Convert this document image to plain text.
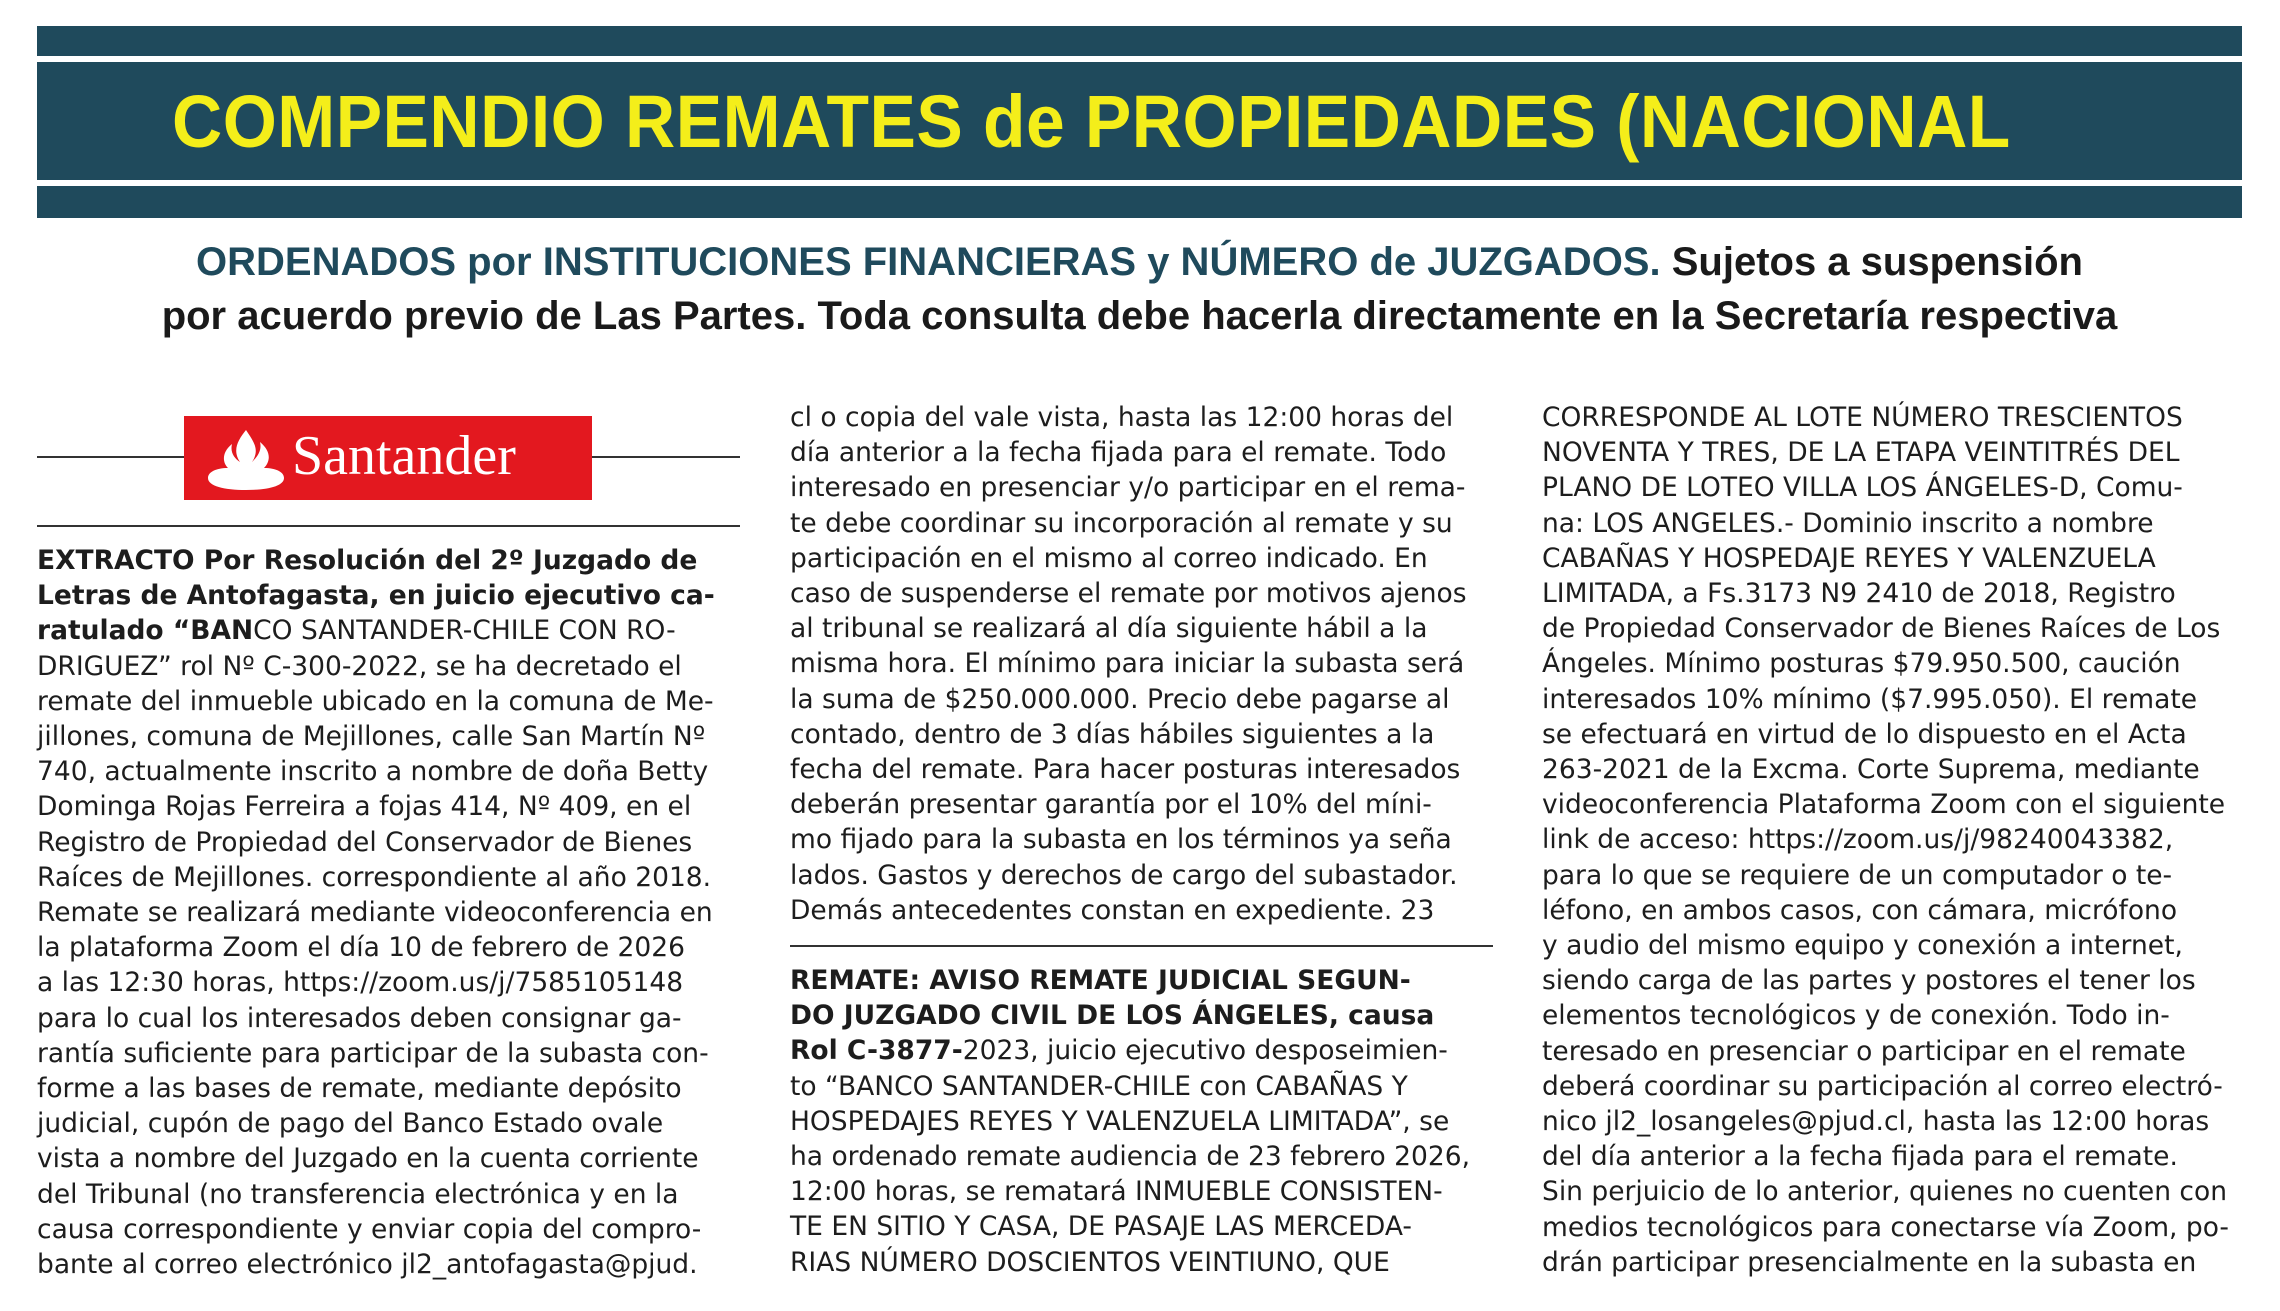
COMPENDIO REMATES de PROPIEDADES (NACIONAL
ORDENADOS por INSTITUCIONES FINANCIERAS y NÚMERO de JUZGADOS. Sujetos a suspensión
por acuerdo previo de Las Partes. Toda consulta debe hacerla directamente en la Secretaría respectiva
Santander
EXTRACTO Por Resolución del 2º Juzgado de
Letras de Antofagasta, en juicio ejecutivo ca-
ratulado “BANCO SANTANDER-CHILE CON RO-
DRIGUEZ” rol Nº C-300-2022, se ha decretado el
remate del inmueble ubicado en la comuna de Me-
jillones, comuna de Mejillones, calle San Martín Nº
740, actualmente inscrito a nombre de doña Betty
Dominga Rojas Ferreira a fojas 414, Nº 409, en el
Registro de Propiedad del Conservador de Bienes
Raíces de Mejillones. correspondiente al año 2018.
Remate se realizará mediante videoconferencia en
la plataforma Zoom el día 10 de febrero de 2026
a las 12:30 horas, https://zoom.us/j/7585105148
para lo cual los interesados deben consignar ga-
rantía suficiente para participar de la subasta con-
forme a las bases de remate, mediante depósito
judicial, cupón de pago del Banco Estado ovale
vista a nombre del Juzgado en la cuenta corriente
del Tribunal (no transferencia electrónica y en la
causa correspondiente y enviar copia del compro-
bante al correo electrónico jl2_antofagasta@pjud.
cl o copia del vale vista, hasta las 12:00 horas del
día anterior a la fecha fijada para el remate. Todo
interesado en presenciar y/o participar en el rema-
te debe coordinar su incorporación al remate y su
participación en el mismo al correo indicado. En
caso de suspenderse el remate por motivos ajenos
al tribunal se realizará al día siguiente hábil a la
misma hora. El mínimo para iniciar la subasta será
la suma de $250.000.000. Precio debe pagarse al
contado, dentro de 3 días hábiles siguientes a la
fecha del remate. Para hacer posturas interesados
deberán presentar garantía por el 10% del míni-
mo fijado para la subasta en los términos ya seña
lados. Gastos y derechos de cargo del subastador.
Demás antecedentes constan en expediente. 23
REMATE: AVISO REMATE JUDICIAL SEGUN-
DO JUZGADO CIVIL DE LOS ÁNGELES, causa
Rol C-3877-2023, juicio ejecutivo desposeimien-
to “BANCO SANTANDER-CHILE con CABAÑAS Y
HOSPEDAJES REYES Y VALENZUELA LIMITADA”, se
ha ordenado remate audiencia de 23 febrero 2026,
12:00 horas, se rematará INMUEBLE CONSISTEN-
TE EN SITIO Y CASA, DE PASAJE LAS MERCEDA-
RIAS NÚMERO DOSCIENTOS VEINTIUNO, QUE
CORRESPONDE AL LOTE NÚMERO TRESCIENTOS
NOVENTA Y TRES, DE LA ETAPA VEINTITRÉS DEL
PLANO DE LOTEO VILLA LOS ÁNGELES-D, Comu-
na: LOS ANGELES.- Dominio inscrito a nombre
CABAÑAS Y HOSPEDAJE REYES Y VALENZUELA
LIMITADA, a Fs.3173 N9 2410 de 2018, Registro
de Propiedad Conservador de Bienes Raíces de Los
Ángeles. Mínimo posturas $79.950.500, caución
interesados 10% mínimo ($7.995.050). El remate
se efectuará en virtud de lo dispuesto en el Acta
263-2021 de la Excma. Corte Suprema, mediante
videoconferencia Plataforma Zoom con el siguiente
link de acceso: https://zoom.us/j/98240043382,
para lo que se requiere de un computador o te-
léfono, en ambos casos, con cámara, micrófono
y audio del mismo equipo y conexión a internet,
siendo carga de las partes y postores el tener los
elementos tecnológicos y de conexión. Todo in-
teresado en presenciar o participar en el remate
deberá coordinar su participación al correo electró-
nico jl2_losangeles@pjud.cl, hasta las 12:00 horas
del día anterior a la fecha fijada para el remate.
Sin perjuicio de lo anterior, quienes no cuenten con
medios tecnológicos para conectarse vía Zoom, po-
drán participar presencialmente en la subasta en
